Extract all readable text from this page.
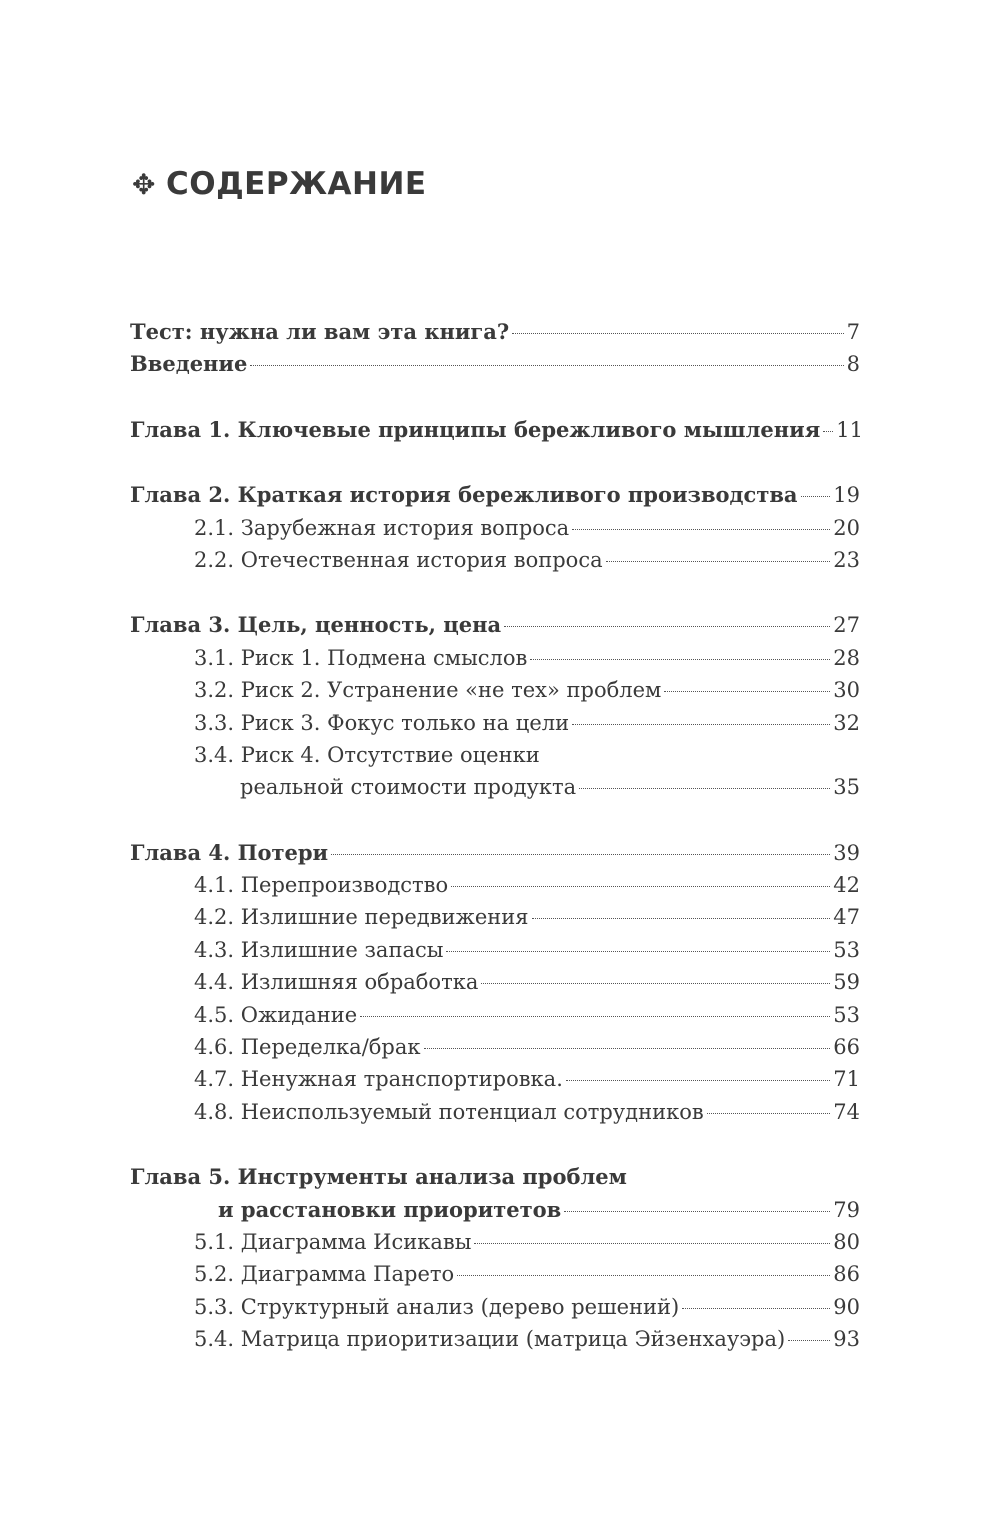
✥ СОДЕРЖАНИЕ
Тест: нужна ли вам эта книга?	7
Введение	8
Глава 1. Ключевые принципы бережливого мышления 11
Глава 2. Краткая история бережливого производства 19
2.1. Зарубежная история вопроса	20
2.2. Отечественная история вопроса	23
Глава 3. Цель, ценность, цена	27
3.1. Риск 1. Подмена смыслов	28
3.2. Риск 2. Устранение «не тех» проблем	30
3.3. Риск 3. Фокус только на цели	32
3.4. Риск 4. Отсутствие оценки
реальной стоимости продукта	35
Глава 4. Потери	39
4.1. Перепроизводство	42
4.2. Излишние передвижения	47
4.3. Излишние запасы	53
4.4. Излишняя обработка	59
4.5. Ожидание	53
4.6. Переделка/брак	66
4.7. Ненужная транспортировка.	71
4.8. Неиспользуемый потенциал сотрудников	74
Глава 5. Инструменты анализа проблем
и расстановки приоритетов	79
5.1. Диаграмма Исикавы	80
5.2. Диаграмма Парето	86
5.3. Структурный анализ (дерево решений)	90
5.4. Матрица приоритизации (матрица Эйзенхауэра) 93
